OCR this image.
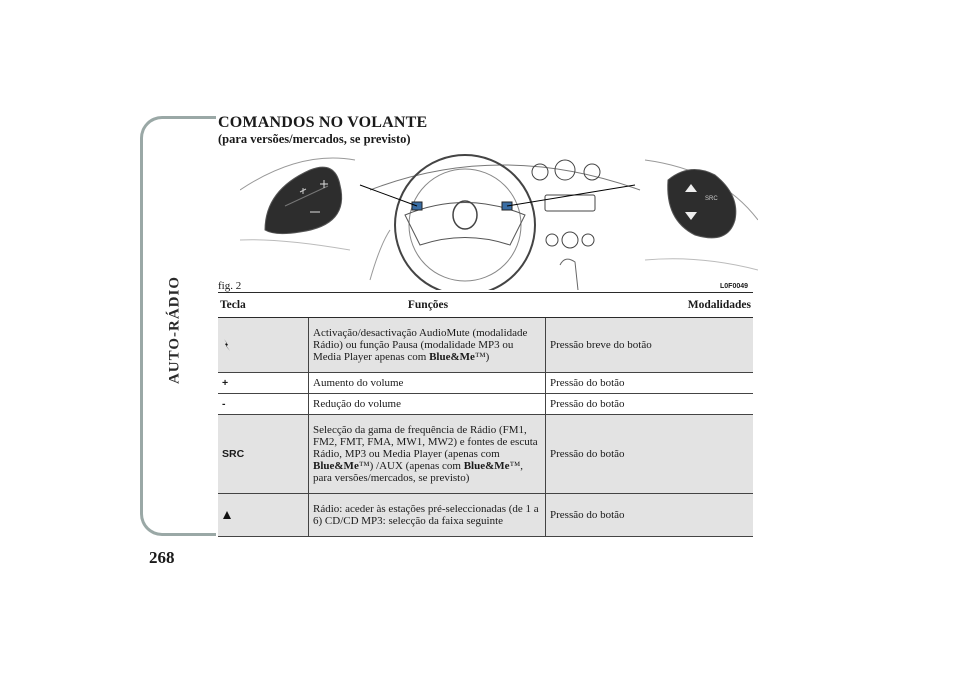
AUTO-RÁDIO
268
COMANDOS NO VOLANTE
(para versões/mercados, se previsto)
SRC
fig. 2	L0F0049
Tecla	Funções	Modalidades

	Activação/desactivação AudioMute (modalidade Rádio) ou função Pausa (modalidade MP3 ou Media Player apenas com Blue&Me™)	Pressão breve do botão
+	Aumento do volume	Pressão do botão
-	Redução do volume	Pressão do botão
SRC	Selecção da gama de frequência de Rádio (FM1, FM2, FMT, FMA, MW1, MW2) e fontes de escuta Rádio, MP3 ou Media Player (apenas com Blue&Me™) /AUX (apenas com Blue&Me™, para versões/mercados, se previsto)	Pressão do botão

	Rádio: aceder às estações pré-seleccionadas (de 1 a 6) CD/CD MP3: selecção da faixa seguinte	Pressão do botão
